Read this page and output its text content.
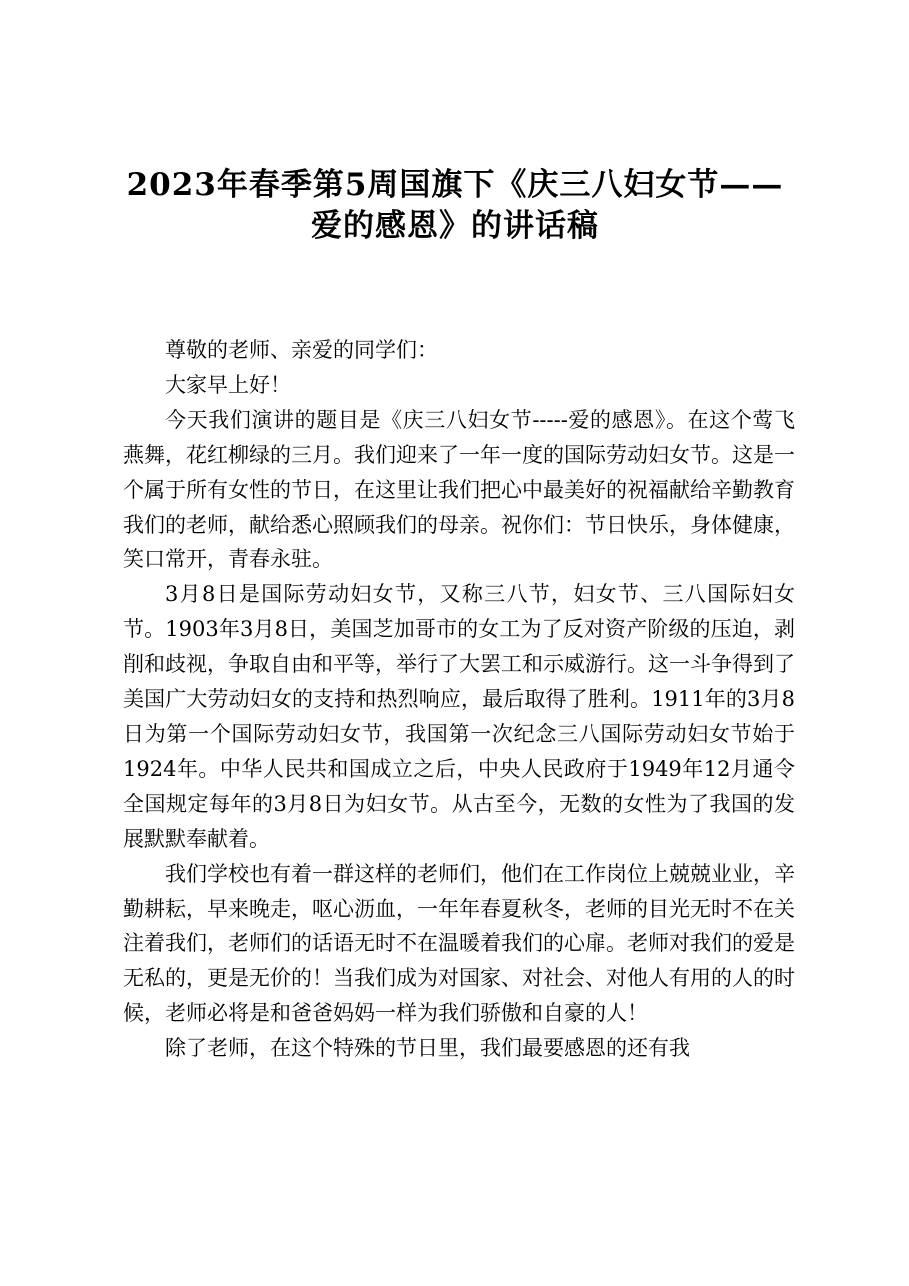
2023年春季第5周国旗下《庆三八妇女节——
爱的感恩》的讲话稿

尊敬的老师、亲爱的同学们：

大家早上好！

今天我们演讲的题目是《庆三八妇女节-----爱的感恩》。在这个莺飞燕舞，花红柳绿的三月。我们迎来了一年一度的国际劳动妇女节。这是一个属于所有女性的节日，在这里让我们把心中最美好的祝福献给辛勤教育我们的老师，献给悉心照顾我们的母亲。祝你们：节日快乐，身体健康，笑口常开，青春永驻。

3月8日是国际劳动妇女节，又称三八节，妇女节、三八国际妇女节。1903年3月8日，美国芝加哥市的女工为了反对资产阶级的压迫，剥削和歧视，争取自由和平等，举行了大罢工和示威游行。这一斗争得到了美国广大劳动妇女的支持和热烈响应，最后取得了胜利。1911年的3月8日为第一个国际劳动妇女节，我国第一次纪念三八国际劳动妇女节始于1924年。中华人民共和国成立之后，中央人民政府于1949年12月通令全国规定每年的3月8日为妇女节。从古至今，无数的女性为了我国的发展默默奉献着。

我们学校也有着一群这样的老师们，他们在工作岗位上兢兢业业，辛勤耕耘，早来晚走，呕心沥血，一年年春夏秋冬，老师的目光无时不在关注着我们，老师们的话语无时不在温暖着我们的心扉。老师对我们的爱是无私的，更是无价的！当我们成为对国家、对社会、对他人有用的人的时候，老师必将是和爸爸妈妈一样为我们骄傲和自豪的人！

除了老师，在这个特殊的节日里，我们最要感恩的还有我
